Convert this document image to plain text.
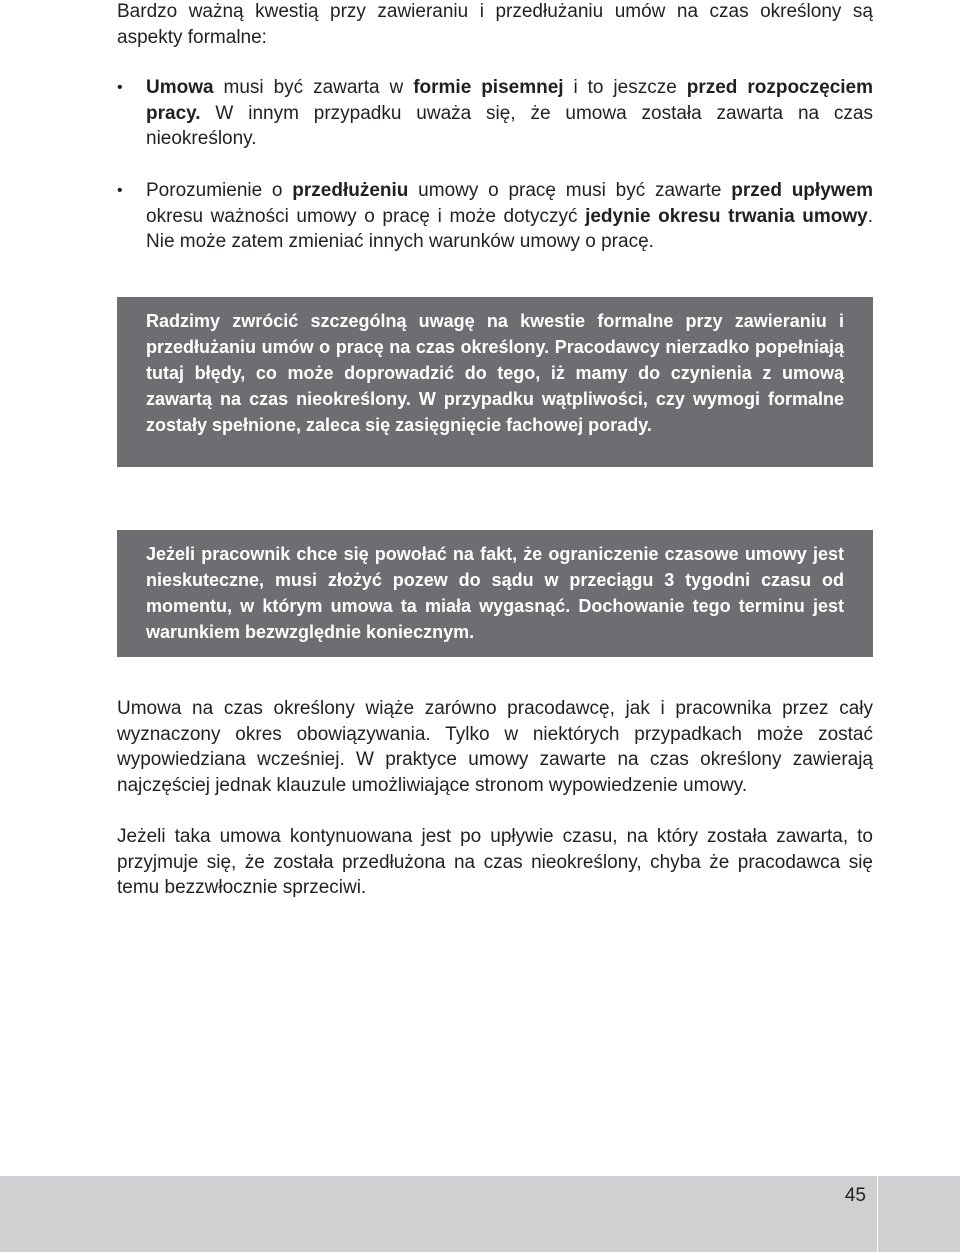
Bardzo ważną kwestią przy zawieraniu i przedłużaniu umów na czas określony są aspekty formalne:

•	Umowa musi być zawarta w formie pisemnej i to jeszcze przed rozpoczęciem pracy. W innym przypadku uważa się, że umowa została zawarta na czas nieokreślony.
•	Porozumienie o przedłużeniu umowy o pracę musi być zawarte przed upływem okresu ważności umowy o pracę i może dotyczyć jedynie okresu trwania umowy. Nie może zatem zmieniać innych warunków umowy o pracę.

Radzimy zwrócić szczególną uwagę na kwestie formalne przy zawieraniu i przedłużaniu umów o pracę na czas określony. Pracodawcy nierzadko popełniają tutaj błędy, co może doprowadzić do tego, iż mamy do czynienia z umową zawartą na czas nieokreślony. W przypadku wątpliwości, czy wymogi formalne zostały spełnione, zaleca się zasięgnięcie fachowej porady.

Jeżeli pracownik chce się powołać na fakt, że ograniczenie czasowe umowy jest nieskuteczne, musi złożyć pozew do sądu w przeciągu 3 tygodni czasu od momentu, w którym umowa ta miała wygasnąć. Dochowanie tego terminu jest warunkiem bezwzględnie koniecznym.

Umowa na czas określony wiąże zarówno pracodawcę, jak i pracownika przez cały wyznaczony okres obowiązywania. Tylko w niektórych przypadkach może zostać wypowiedziana wcześniej. W praktyce umowy zawarte na czas określony zawierają najczęściej jednak klauzule umożliwiające stronom wypowiedzenie umowy.

Jeżeli taka umowa kontynuowana jest po upływie czasu, na który została zawarta, to przyjmuje się, że została przedłużona na czas nieokreślony, chyba że pracodawca się temu bezzwłocznie sprzeciwi.

45
